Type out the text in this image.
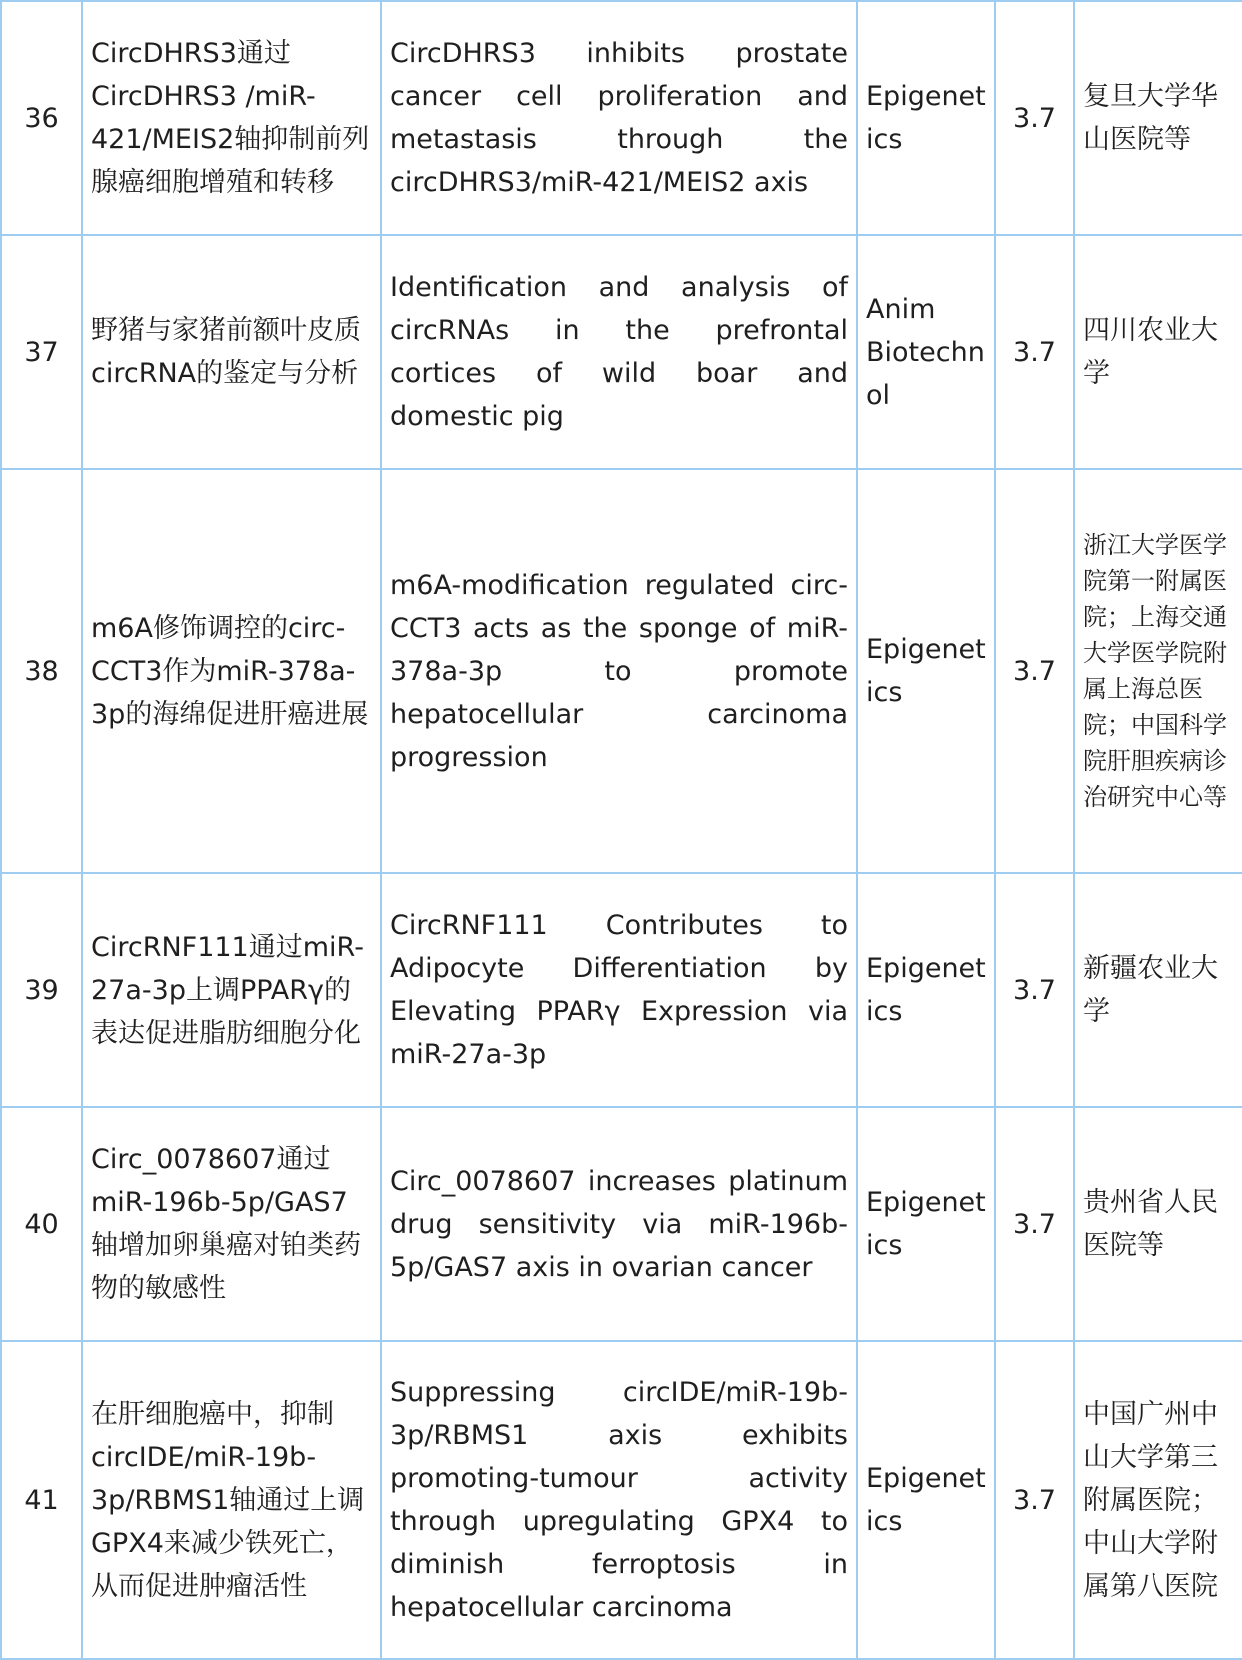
36	CircDHRS3通过CircDHRS3 /miR-421/MEIS2轴抑制前列腺癌细胞增殖和转移	CircDHRS3 inhibits prostate cancer cell proliferation and metastasis through the circDHRS3/miR-421/MEIS2 axis	Epigenetics	3.7	复旦大学华山医院等
37	野猪与家猪前额叶皮质circRNA的鉴定与分析	Identification and analysis of circRNAs in the prefrontal cortices of wild boar and domestic pig	Anim Biotechnol	3.7	四川农业大学
38	m6A修饰调控的circ-CCT3作为miR-378a-3p的海绵促进肝癌进展	m6A-modification regulated circ-CCT3 acts as the sponge of miR-378a-3p to promote hepatocellular carcinoma progression	Epigenetics	3.7	浙江大学医学院第一附属医院；上海交通大学医学院附属上海总医院；中国科学院肝胆疾病诊治研究中心等
39	CircRNF111通过miR-27a-3p上调PPARγ的表达促进脂肪细胞分化	CircRNF111 Contributes to Adipocyte Differentiation by Elevating PPARγ Expression via miR-27a-3p	Epigenetics	3.7	新疆农业大学
40	Circ_0078607通过miR-196b-5p/GAS7轴增加卵巢癌对铂类药物的敏感性	Circ_0078607 increases platinum drug sensitivity via miR-196b-5p/GAS7 axis in ovarian cancer	Epigenetics	3.7	贵州省人民医院等
41	在肝细胞癌中，抑制circIDE/miR-19b-3p/RBMS1轴通过上调GPX4来减少铁死亡，从而促进肿瘤活性	Suppressing circIDE/miR-19b-3p/RBMS1 axis exhibits promoting-tumour activity through upregulating GPX4 to diminish ferroptosis in hepatocellular carcinoma	Epigenetics	3.7	中国广州中山大学第三附属医院；中山大学附属第八医院
